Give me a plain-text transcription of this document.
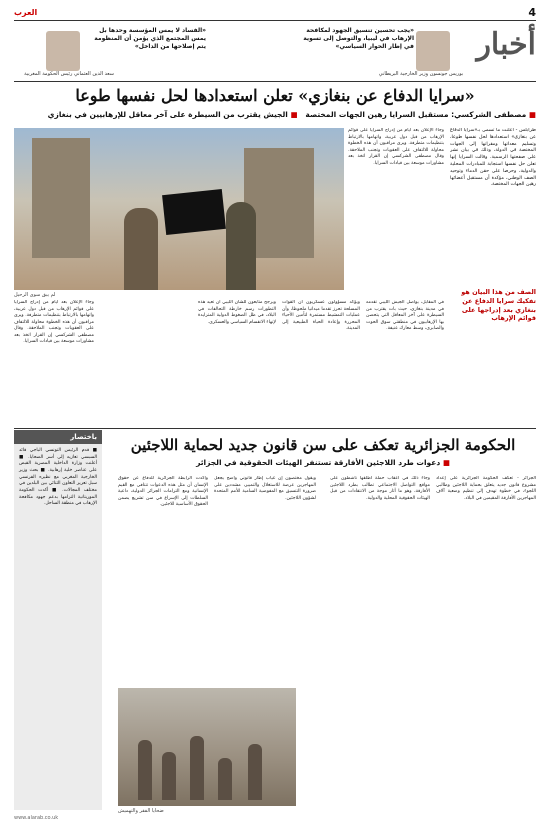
4
العرب
أخبار
«يجب تحسين تنسيق الجهود لمكافحة الإرهاب في ليبيا، والتوصل إلى تسوية في إطار الحوار السياسي»
بوريس جونسون وزير الخارجية البريطاني
«الفساد لا يمس المؤسسة وحدها بل يمس المجتمع الذي يؤمن أن المنظومة يتم إصلاحها من الداخل»
سعد الدين العثماني رئيس الحكومة المغربية
«سرايا الدفاع عن بنغازي» تعلن استعدادها لحل نفسها طوعا
■ مصطفى الشركسي: مستقبل السرايا رهين الجهات المختصة   ■ الجيش يقترب من السيطرة على آخر معاقل للإرهابيين في بنغازي
طرابلس - أعلنت ما تسمى بـ«سرايا الدفاع عن بنغازي» استعدادها لحل نفسها طوعا، وتسليم معداتها ومقراتها إلى الجهات المختصة في الدولة، وذلك في بيان نشر على صفحتها الرسمية. وقالت السرايا إنها تعلن حل نفسها استجابة للمبادرات المحلية والدولية، وحرصا على حقن الدماء وتوحيد الصف الوطني، مؤكدة أن مستقبل أعضائها رهين الجهات المختصة.
وجاء الإعلان بعد أيام من إدراج السرايا على قوائم الإرهاب من قبل دول عربية، واتهامها بالارتباط بتنظيمات متطرفة. ويرى مراقبون أن هذه الخطوة محاولة للالتفاف على العقوبات وتجنب الملاحقة. وقال مصطفى الشركسي إن القرار اتخذ بعد مشاورات موسعة بين قيادات السرايا.
لم يبق سوى الرحيل	الصف من هذا البيان هو تفكيك سرايا الدفاع عن بنغازي بعد إدراجها على قوائم الإرهاب
في المقابل، يواصل الجيش الليبي تقدمه في مدينة بنغازي، حيث بات يقترب من السيطرة على آخر المعاقل التي يتحصن بها الإرهابيون في منطقتي سوق الحوت والصابري، وسط معارك عنيفة.
ويؤكد مسؤولون عسكريون أن القوات المسلحة تحرز تقدما ميدانيا ملحوظا، وأن عمليات التمشيط مستمرة لتأمين الأحياء المحررة وإعادة الحياة الطبيعية إلى المدينة.
ويرجح متابعون للشأن الليبي أن تعيد هذه التطورات رسم خارطة التحالفات في البلاد، في ظل الضغوط الدولية المتزايدة لإنهاء الانقسام السياسي والعسكري.
وجاء الإعلان بعد أيام من إدراج السرايا على قوائم الإرهاب من قبل دول عربية، واتهامها بالارتباط بتنظيمات متطرفة. ويرى مراقبون أن هذه الخطوة محاولة للالتفاف على العقوبات وتجنب الملاحقة. وقال مصطفى الشركسي إن القرار اتخذ بعد مشاورات موسعة بين قيادات السرايا.
باختصار
■ قدم الرئيس التونسي الباجي قائد السبسي تعازيه إلى أسر الضحايا. ■ أعلنت وزارة الداخلية المصرية القبض على عناصر خلية إرهابية. ■ بحث وزير الخارجية المغربي مع نظيره الفرنسي سبل تعزيز التعاون الثنائي بين البلدين في مختلف المجالات. ■ أكدت الحكومة الموريتانية التزامها بدعم جهود مكافحة الإرهاب في منطقة الساحل.
الحكومة الجزائرية تعكف على سن قانون جديد لحماية اللاجئين
■ دعوات طرد اللاجئين الأفارقة تستنفر الهيئات الحقوقية في الجزائر
الجزائر - تعكف الحكومة الجزائرية على إعداد مشروع قانون جديد يتعلق بحماية اللاجئين وطالبي اللجوء، في خطوة تهدف إلى تنظيم وضعية آلاف المهاجرين الأفارقة المقيمين في البلاد.
وجاء ذلك في أعقاب حملة أطلقها ناشطون على مواقع التواصل الاجتماعي تطالب بطرد اللاجئين الأفارقة، وهو ما أثار موجة من الانتقادات من قبل الهيئات الحقوقية المحلية والدولية.
وأكدت الرابطة الجزائرية للدفاع عن حقوق الإنسان أن مثل هذه الدعوات تتنافى مع القيم الإنسانية ومع التزامات الجزائر الدولية، داعية السلطات إلى الإسراع في سن تشريع يضمن الحقوق الأساسية للاجئين.
ويقول مختصون إن غياب إطار قانوني واضح يجعل المهاجرين عرضة للاستغلال والتمييز، مشددين على ضرورة التنسيق مع المفوضية السامية للأمم المتحدة لشؤون اللاجئين.
ضحايا الفقر والتهميش
www.alarab.co.uk
